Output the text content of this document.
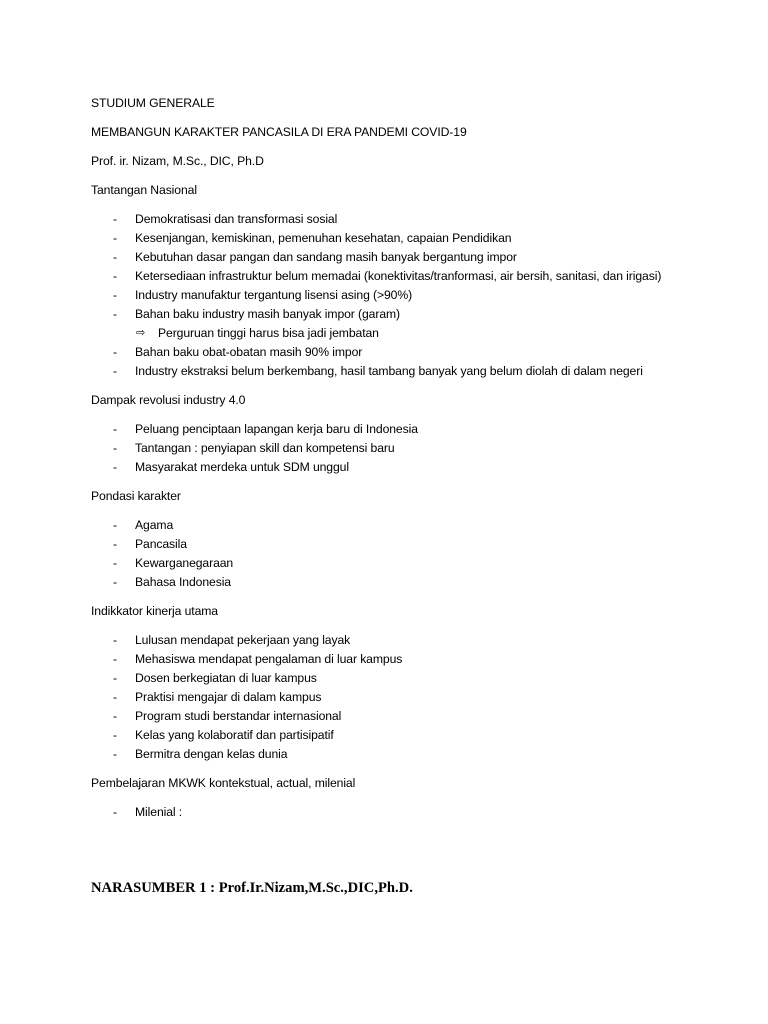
STUDIUM GENERALE

MEMBANGUN KARAKTER PANCASILA DI ERA PANDEMI COVID-19

Prof. ir. Nizam, M.Sc., DIC, Ph.D

Tantangan Nasional

- Demokratisasi dan transformasi sosial
- Kesenjangan, kemiskinan, pemenuhan kesehatan, capaian Pendidikan
- Kebutuhan dasar pangan dan sandang masih banyak bergantung impor
- Ketersediaan infrastruktur belum memadai (konektivitas/tranformasi, air bersih, sanitasi, dan irigasi)
- Industry manufaktur tergantung lisensi asing (>90%)
- Bahan baku industry masih banyak impor (garam)
⇨ Perguruan tinggi harus bisa jadi jembatan
- Bahan baku obat-obatan masih 90% impor
- Industry ekstraksi belum berkembang, hasil tambang banyak yang belum diolah di dalam negeri

Dampak revolusi industry 4.0

- Peluang penciptaan lapangan kerja baru di Indonesia
- Tantangan : penyiapan skill dan kompetensi baru
- Masyarakat merdeka untuk SDM unggul

Pondasi karakter

- Agama
- Pancasila
- Kewarganegaraan
- Bahasa Indonesia

Indikkator kinerja utama

- Lulusan mendapat pekerjaan yang layak
- Mehasiswa mendapat pengalaman di luar kampus
- Dosen berkegiatan di luar kampus
- Praktisi mengajar di dalam kampus
- Program studi berstandar internasional
- Kelas yang kolaboratif dan partisipatif
- Bermitra dengan kelas dunia

Pembelajaran MKWK kontekstual, actual, milenial

- Milenial :
NARASUMBER 1 : Prof.Ir.Nizam,M.Sc.,DIC,Ph.D.
